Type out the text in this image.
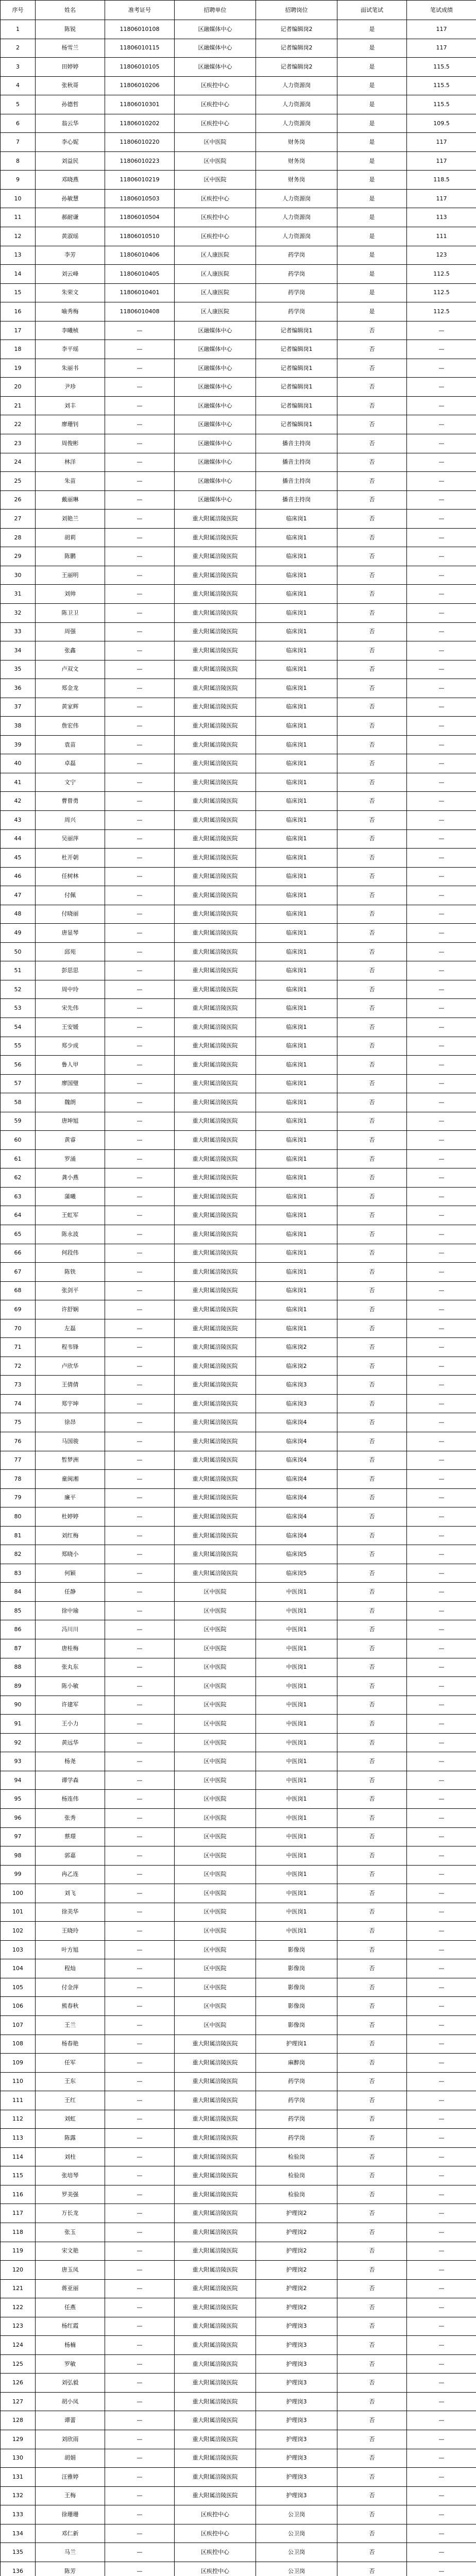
序号	姓名	准考证号	招聘单位	招聘岗位	面试笔试	笔试成绩
1	陈锐	11806010108	区融媒体中心	记者编辑岗2	是	117
2	杨雪兰	11806010115	区融媒体中心	记者编辑岗2	是	117
3	田婷婷	11806010105	区融媒体中心	记者编辑岗2	是	115.5
4	张秋哥	11806010206	区疾控中心	人力资源岗	是	115.5
5	孙德哲	11806010301	区疾控中心	人力资源岗	是	115.5
6	翁云华	11806010202	区疾控中心	人力资源岗	是	109.5
7	李心妮	11806010220	区中医院	财务岗	是	117
8	刘益民	11806010223	区中医院	财务岗	是	117
9	邓晓燕	11806010219	区中医院	财务岗	是	118.5
10	孙敏慧	11806010503	区疾控中心	人力资源岗	是	117
11	郝耐谦	11806010504	区疾控中心	人力资源岗	是	113
12	黄淑瑶	11806010510	区疾控中心	人力资源岗	是	111
13	李芳	11806010406	区人康医院	药学岗	是	123
14	刘云峰	11806010405	区人康医院	药学岗	是	112.5
15	朱荣文	11806010401	区人康医院	药学岗	是	112.5
16	喻秀梅	11806010408	区人康医院	药学岗	是	112.5
17	李曦桢	—	区融媒体中心	记者编辑岗1	否	—
18	李平瑶	—	区融媒体中心	记者编辑岗1	否	—
19	朱丽书	—	区融媒体中心	记者编辑岗1	否	—
20	尹珍	—	区融媒体中心	记者编辑岗1	否	—
21	刘丰	—	区融媒体中心	记者编辑岗1	否	—
22	廖珊钊	—	区融媒体中心	记者编辑岗1	否	—
23	周俊彬	—	区融媒体中心	播音主持岗	否	—
24	林洋	—	区融媒体中心	播音主持岗	否	—
25	朱苗	—	区融媒体中心	播音主持岗	否	—
26	戴丽琳	—	区融媒体中心	播音主持岗	否	—
27	刘艳兰	—	重大附属涪陵医院	临床岗1	否	—
28	胡莉	—	重大附属涪陵医院	临床岗1	否	—
29	陈鹏	—	重大附属涪陵医院	临床岗1	否	—
30	王丽明	—	重大附属涪陵医院	临床岗1	否	—
31	刘帅	—	重大附属涪陵医院	临床岗1	否	—
32	陈卫卫	—	重大附属涪陵医院	临床岗1	否	—
33	周强	—	重大附属涪陵医院	临床岗1	否	—
34	张鑫	—	重大附属涪陵医院	临床岗1	否	—
35	卢双文	—	重大附属涪陵医院	临床岗1	否	—
36	郑金龙	—	重大附属涪陵医院	临床岗1	否	—
37	黄家辉	—	重大附属涪陵医院	临床岗1	否	—
38	詹宏伟	—	重大附属涪陵医院	临床岗1	否	—
39	袁苗	—	重大附属涪陵医院	临床岗1	否	—
40	卓磊	—	重大附属涪陵医院	临床岗1	否	—
41	文宁	—	重大附属涪陵医院	临床岗1	否	—
42	曹曾勇	—	重大附属涪陵医院	临床岗1	否	—
43	周兴	—	重大附属涪陵医院	临床岗1	否	—
44	吴丽萍	—	重大附属涪陵医院	临床岗1	否	—
45	杜开朝	—	重大附属涪陵医院	临床岗1	否	—
46	任树林	—	重大附属涪陵医院	临床岗1	否	—
47	付佩	—	重大附属涪陵医院	临床岗1	否	—
48	付晓丽	—	重大附属涪陵医院	临床岗1	否	—
49	唐显琴	—	重大附属涪陵医院	临床岗1	否	—
50	邱苑	—	重大附属涪陵医院	临床岗1	否	—
51	彭思思	—	重大附属涪陵医院	临床岗1	否	—
52	周中玲	—	重大附属涪陵医院	临床岗1	否	—
53	宋先伟	—	重大附属涪陵医院	临床岗1	否	—
54	王安媛	—	重大附属涪陵医院	临床岗1	否	—
55	郑少成	—	重大附属涪陵医院	临床岗1	否	—
56	鲁人甲	—	重大附属涪陵医院	临床岗1	否	—
57	廖国璧	—	重大附属涪陵医院	临床岗1	否	—
58	魏朗	—	重大附属涪陵医院	临床岗1	否	—
59	唐坤旭	—	重大附属涪陵医院	临床岗1	否	—
60	黄睿	—	重大附属涪陵医院	临床岗1	否	—
61	罗涌	—	重大附属涪陵医院	临床岗1	否	—
62	龚小燕	—	重大附属涪陵医院	临床岗1	否	—
63	蒲曦	—	重大附属涪陵医院	临床岗1	否	—
64	王虹军	—	重大附属涪陵医院	临床岗1	否	—
65	陈永波	—	重大附属涪陵医院	临床岗1	否	—
66	何段伟	—	重大附属涪陵医院	临床岗1	否	—
67	陈铁	—	重大附属涪陵医院	临床岗1	否	—
68	张剑平	—	重大附属涪陵医院	临床岗1	否	—
69	许舒娴	—	重大附属涪陵医院	临床岗1	否	—
70	左磊	—	重大附属涪陵医院	临床岗1	否	—
71	程韦锋	—	重大附属涪陵医院	临床岗2	否	—
72	卢欣华	—	重大附属涪陵医院	临床岗2	否	—
73	王倩倩	—	重大附属涪陵医院	临床岗3	否	—
74	郑宇坤	—	重大附属涪陵医院	临床岗3	否	—
75	徐昂	—	重大附属涪陵医院	临床岗4	否	—
76	马国骏	—	重大附属涪陵医院	临床岗4	否	—
77	暂梦洲	—	重大附属涪陵医院	临床岗4	否	—
78	童闽湘	—	重大附属涪陵医院	临床岗4	否	—
79	廉平	—	重大附属涪陵医院	临床岗4	否	—
80	杜婷婷	—	重大附属涪陵医院	临床岗4	否	—
81	刘红梅	—	重大附属涪陵医院	临床岗4	否	—
82	郑晓小	—	重大附属涪陵医院	临床岗5	否	—
83	何颖	—	重大附属涪陵医院	临床岗5	否	—
84	任静	—	区中医院	中医岗1	否	—
85	徐中瑜	—	区中医院	中医岗1	否	—
86	冯川川	—	区中医院	中医岗1	否	—
87	唐桂梅	—	区中医院	中医岗1	否	—
88	张丸东	—	区中医院	中医岗1	否	—
89	陈小敏	—	区中医院	中医岗1	否	—
90	许建军	—	区中医院	中医岗1	否	—
91	王小力	—	区中医院	中医岗1	否	—
92	黄远华	—	区中医院	中医岗1	否	—
93	杨尧	—	区中医院	中医岗1	否	—
94	谭学森	—	区中医院	中医岗1	否	—
95	杨连伟	—	区中医院	中医岗1	否	—
96	张秀	—	区中医院	中医岗1	否	—
97	蔡璟	—	区中医院	中医岗1	否	—
98	郭嘉	—	区中医院	中医岗1	否	—
99	冉乙连	—	区中医院	中医岗1	否	—
100	刘飞	—	区中医院	中医岗1	否	—
101	徐美华	—	区中医院	中医岗1	否	—
102	王晓玲	—	区中医院	中医岗1	否	—
103	叶方旭	—	区中医院	影像岗	否	—
104	程灿	—	区中医院	影像岗	否	—
105	付金萍	—	区中医院	影像岗	否	—
106	熊春秋	—	区中医院	影像岗	否	—
107	王兰	—	区中医院	影像岗	否	—
108	杨春艳	—	重大附属涪陵医院	护理岗1	否	—
109	任军	—	重大附属涪陵医院	麻醉岗	否	—
110	王东	—	重大附属涪陵医院	药学岗	否	—
111	王红	—	重大附属涪陵医院	药学岗	否	—
112	刘虹	—	重大附属涪陵医院	药学岗	否	—
113	陈露	—	重大附属涪陵医院	药学岗	否	—
114	刘柱	—	重大附属涪陵医院	检验岗	否	—
115	张培琴	—	重大附属涪陵医院	检验岗	否	—
116	罗美强	—	重大附属涪陵医院	检验岗	否	—
117	万长龙	—	重大附属涪陵医院	护理岗2	否	—
118	张玉	—	重大附属涪陵医院	护理岗2	否	—
119	宋文艳	—	重大附属涪陵医院	护理岗2	否	—
120	唐玉凤	—	重大附属涪陵医院	护理岗2	否	—
121	蒋亚丽	—	重大附属涪陵医院	护理岗2	否	—
122	任燕	—	重大附属涪陵医院	护理岗2	否	—
123	杨红霞	—	重大附属涪陵医院	护理岗3	否	—
124	杨楠	—	重大附属涪陵医院	护理岗3	否	—
125	罗敏	—	重大附属涪陵医院	护理岗3	否	—
126	刘弘毅	—	重大附属涪陵医院	护理岗3	否	—
127	胡小凤	—	重大附属涪陵医院	护理岗3	否	—
128	谭蕾	—	重大附属涪陵医院	护理岗3	否	—
129	刘欣雨	—	重大附属涪陵医院	护理岗3	否	—
130	胡娟	—	重大附属涪陵医院	护理岗3	否	—
131	汪雅婷	—	重大附属涪陵医院	护理岗3	否	—
132	王梅	—	重大附属涪陵医院	护理岗3	否	—
133	徐珊珊	—	区疾控中心	公卫岗	否	—
134	邓仁新	—	区疾控中心	公卫岗	否	—
135	马兰	—	区疾控中心	公卫岗	否	—
136	陈芳	—	区疾控中心	公卫岗	否	—
